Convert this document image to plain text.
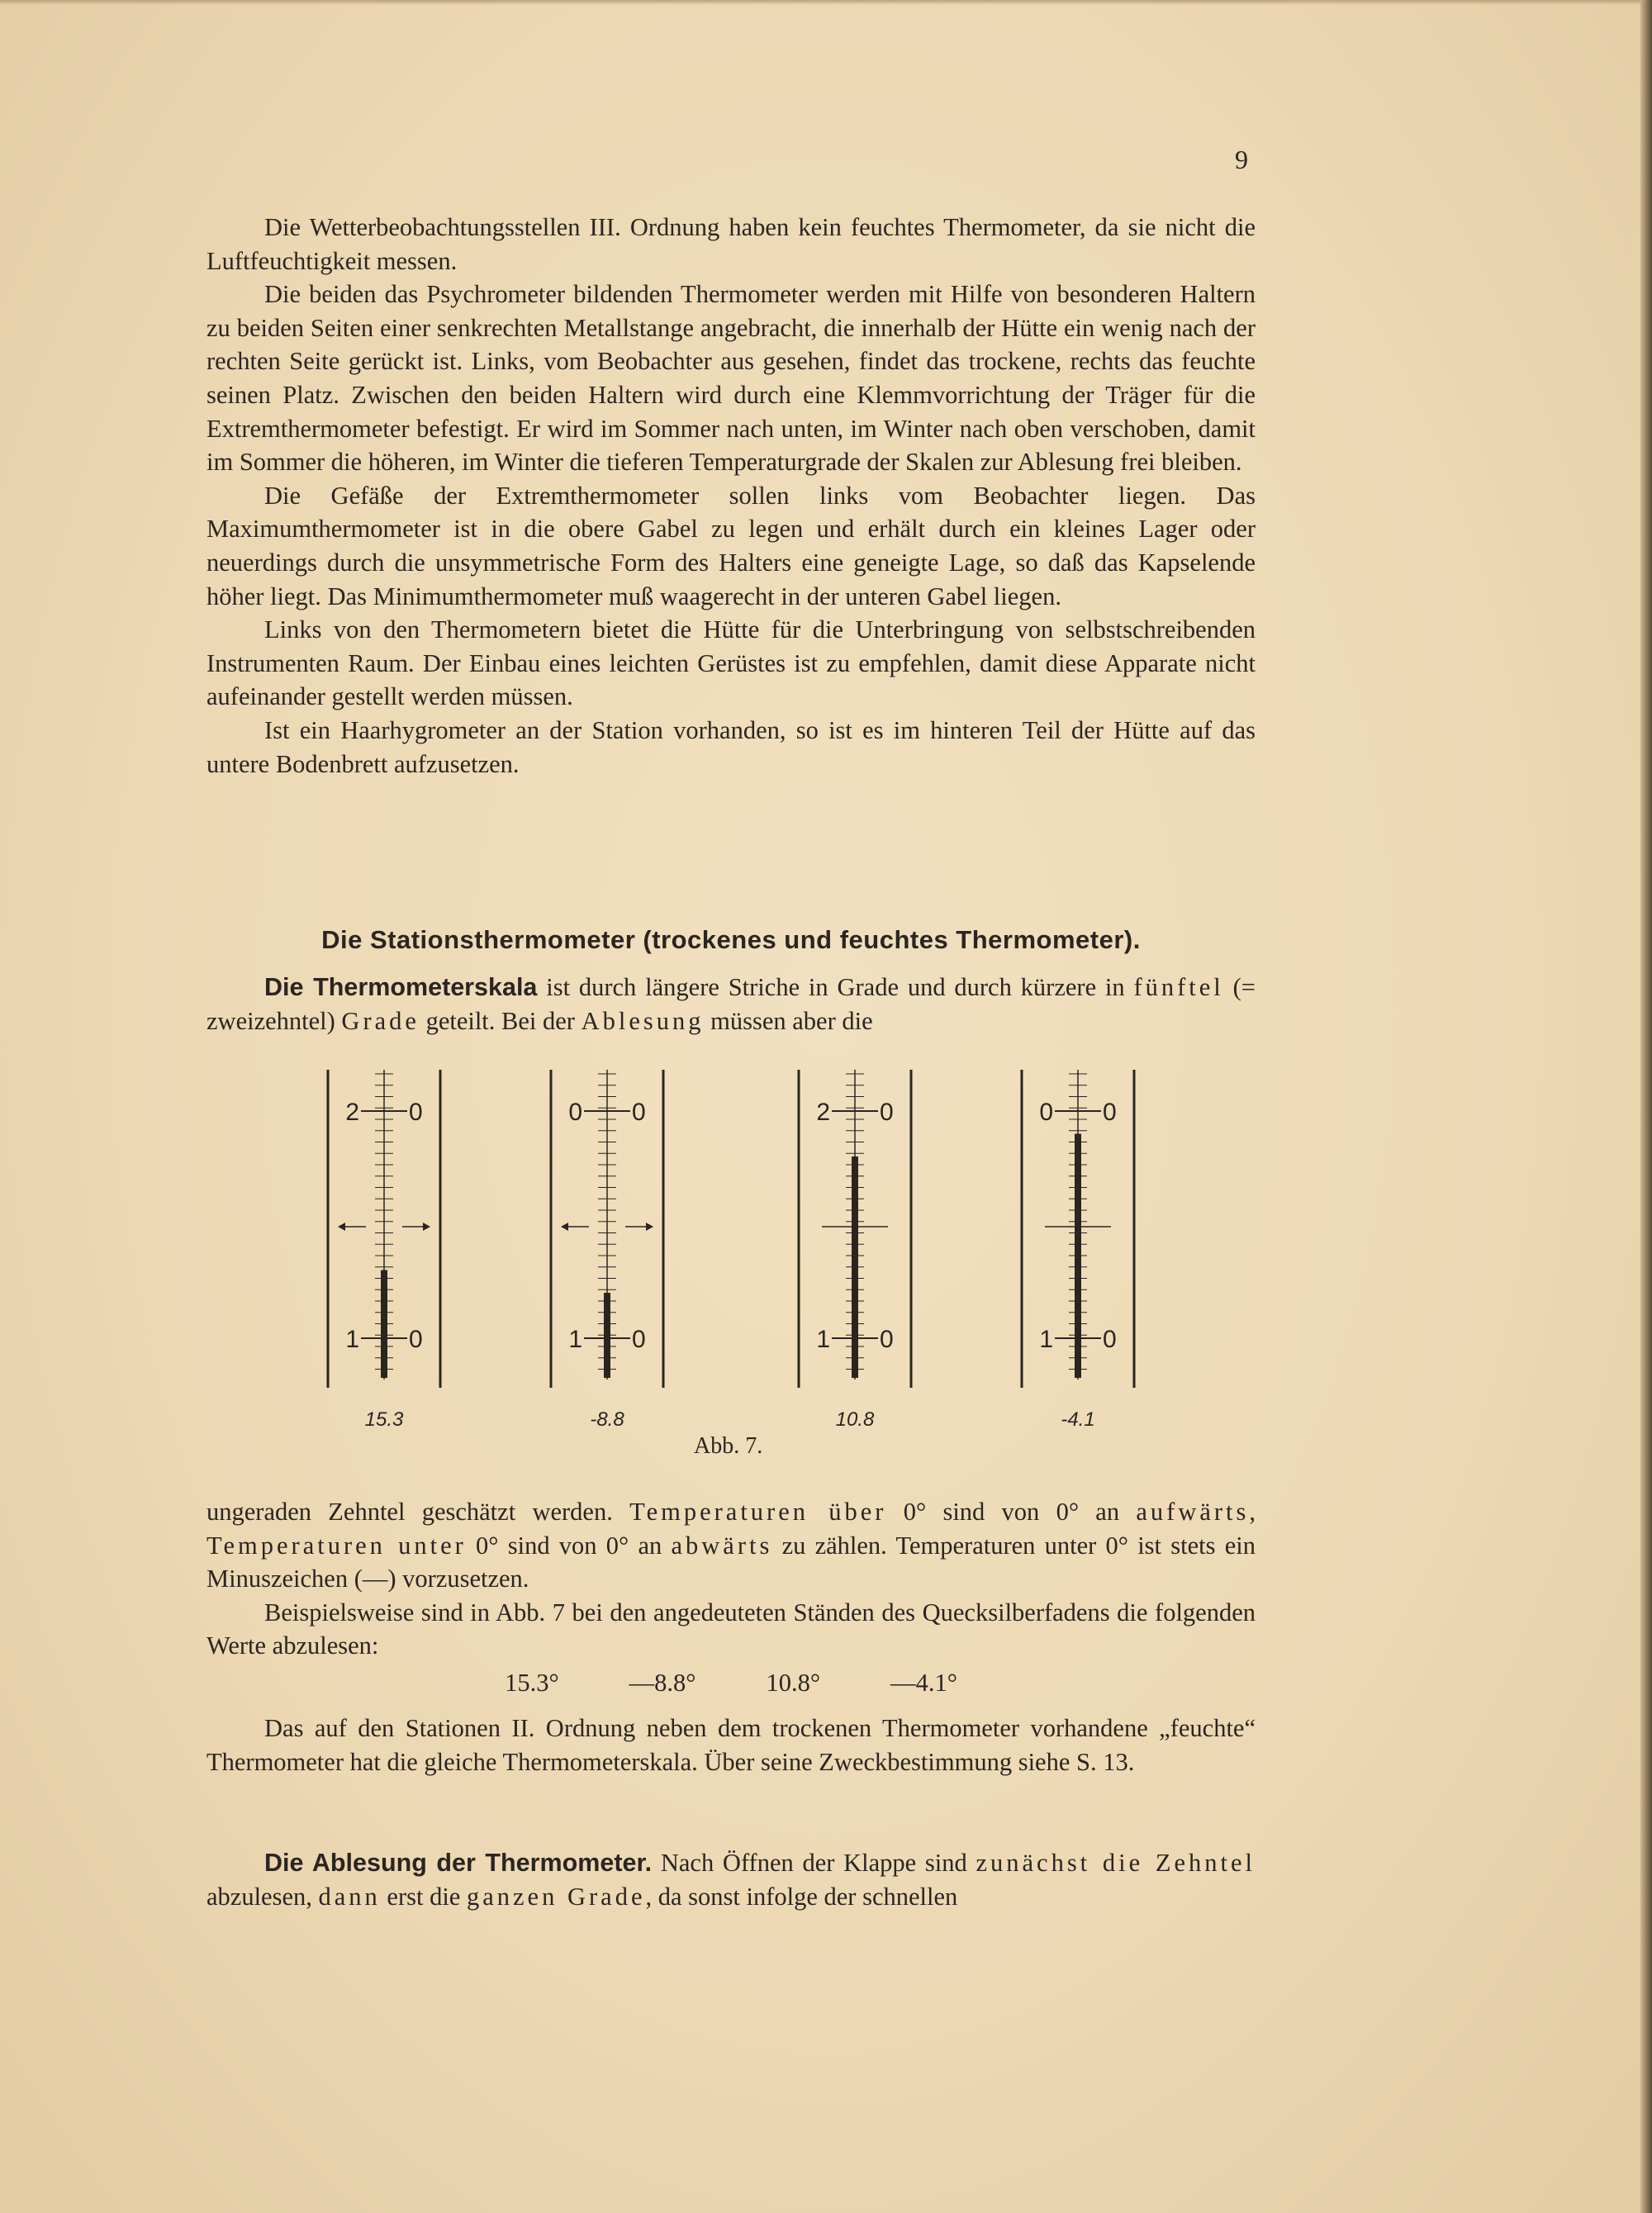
9

Die Wetterbeobachtungsstellen III. Ordnung haben kein feuchtes Thermometer, da sie nicht die Luftfeuchtigkeit messen.

Die beiden das Psychrometer bildenden Thermometer werden mit Hilfe von besonderen Haltern zu beiden Seiten einer senkrechten Metallstange angebracht, die innerhalb der Hütte ein wenig nach der rechten Seite gerückt ist. Links, vom Beobachter aus gesehen, findet das trockene, rechts das feuchte seinen Platz. Zwischen den beiden Haltern wird durch eine Klemmvorrichtung der Träger für die Extremthermometer befestigt. Er wird im Sommer nach unten, im Winter nach oben verschoben, damit im Sommer die höheren, im Winter die tieferen Temperaturgrade der Skalen zur Ablesung frei bleiben.

Die Gefäße der Extremthermometer sollen links vom Beobachter liegen. Das Maximumthermometer ist in die obere Gabel zu legen und erhält durch ein kleines Lager oder neuerdings durch die unsymmetrische Form des Halters eine geneigte Lage, so daß das Kapselende höher liegt. Das Minimumthermometer muß waagerecht in der unteren Gabel liegen.

Links von den Thermometern bietet die Hütte für die Unterbringung von selbstschreibenden Instrumenten Raum. Der Einbau eines leichten Gerüstes ist zu empfehlen, damit diese Apparate nicht aufeinander gestellt werden müssen.

Ist ein Haarhygrometer an der Station vorhanden, so ist es im hinteren Teil der Hütte auf das untere Bodenbrett aufzusetzen.

Die Stationsthermometer (trockenes und feuchtes Thermometer).

Die Thermometerskala ist durch längere Striche in Grade und durch kürzere in fünftel (= zweizehntel) Grade geteilt. Bei der Ablesung müssen aber die

2 0
1 0
0 0
1 0
2 0
1 0
0 0
1 0
15.3	-8.8	10.8	-4.1
Abb. 7.

ungeraden Zehntel geschätzt werden. Temperaturen über 0° sind von 0° an aufwärts, Temperaturen unter 0° sind von 0° an abwärts zu zählen. Temperaturen unter 0° ist stets ein Minuszeichen (—) vorzusetzen.

Beispielsweise sind in Abb. 7 bei den angedeuteten Ständen des Quecksilberfadens die folgenden Werte abzulesen:

15.3°	—8.8°	10.8°	—4.1°

Das auf den Stationen II. Ordnung neben dem trockenen Thermometer vorhandene „feuchte“ Thermometer hat die gleiche Thermometerskala. Über seine Zweckbestimmung siehe S. 13.

Die Ablesung der Thermometer. Nach Öffnen der Klappe sind zunächst die Zehntel abzulesen, dann erst die ganzen Grade, da sonst infolge der schnellen
